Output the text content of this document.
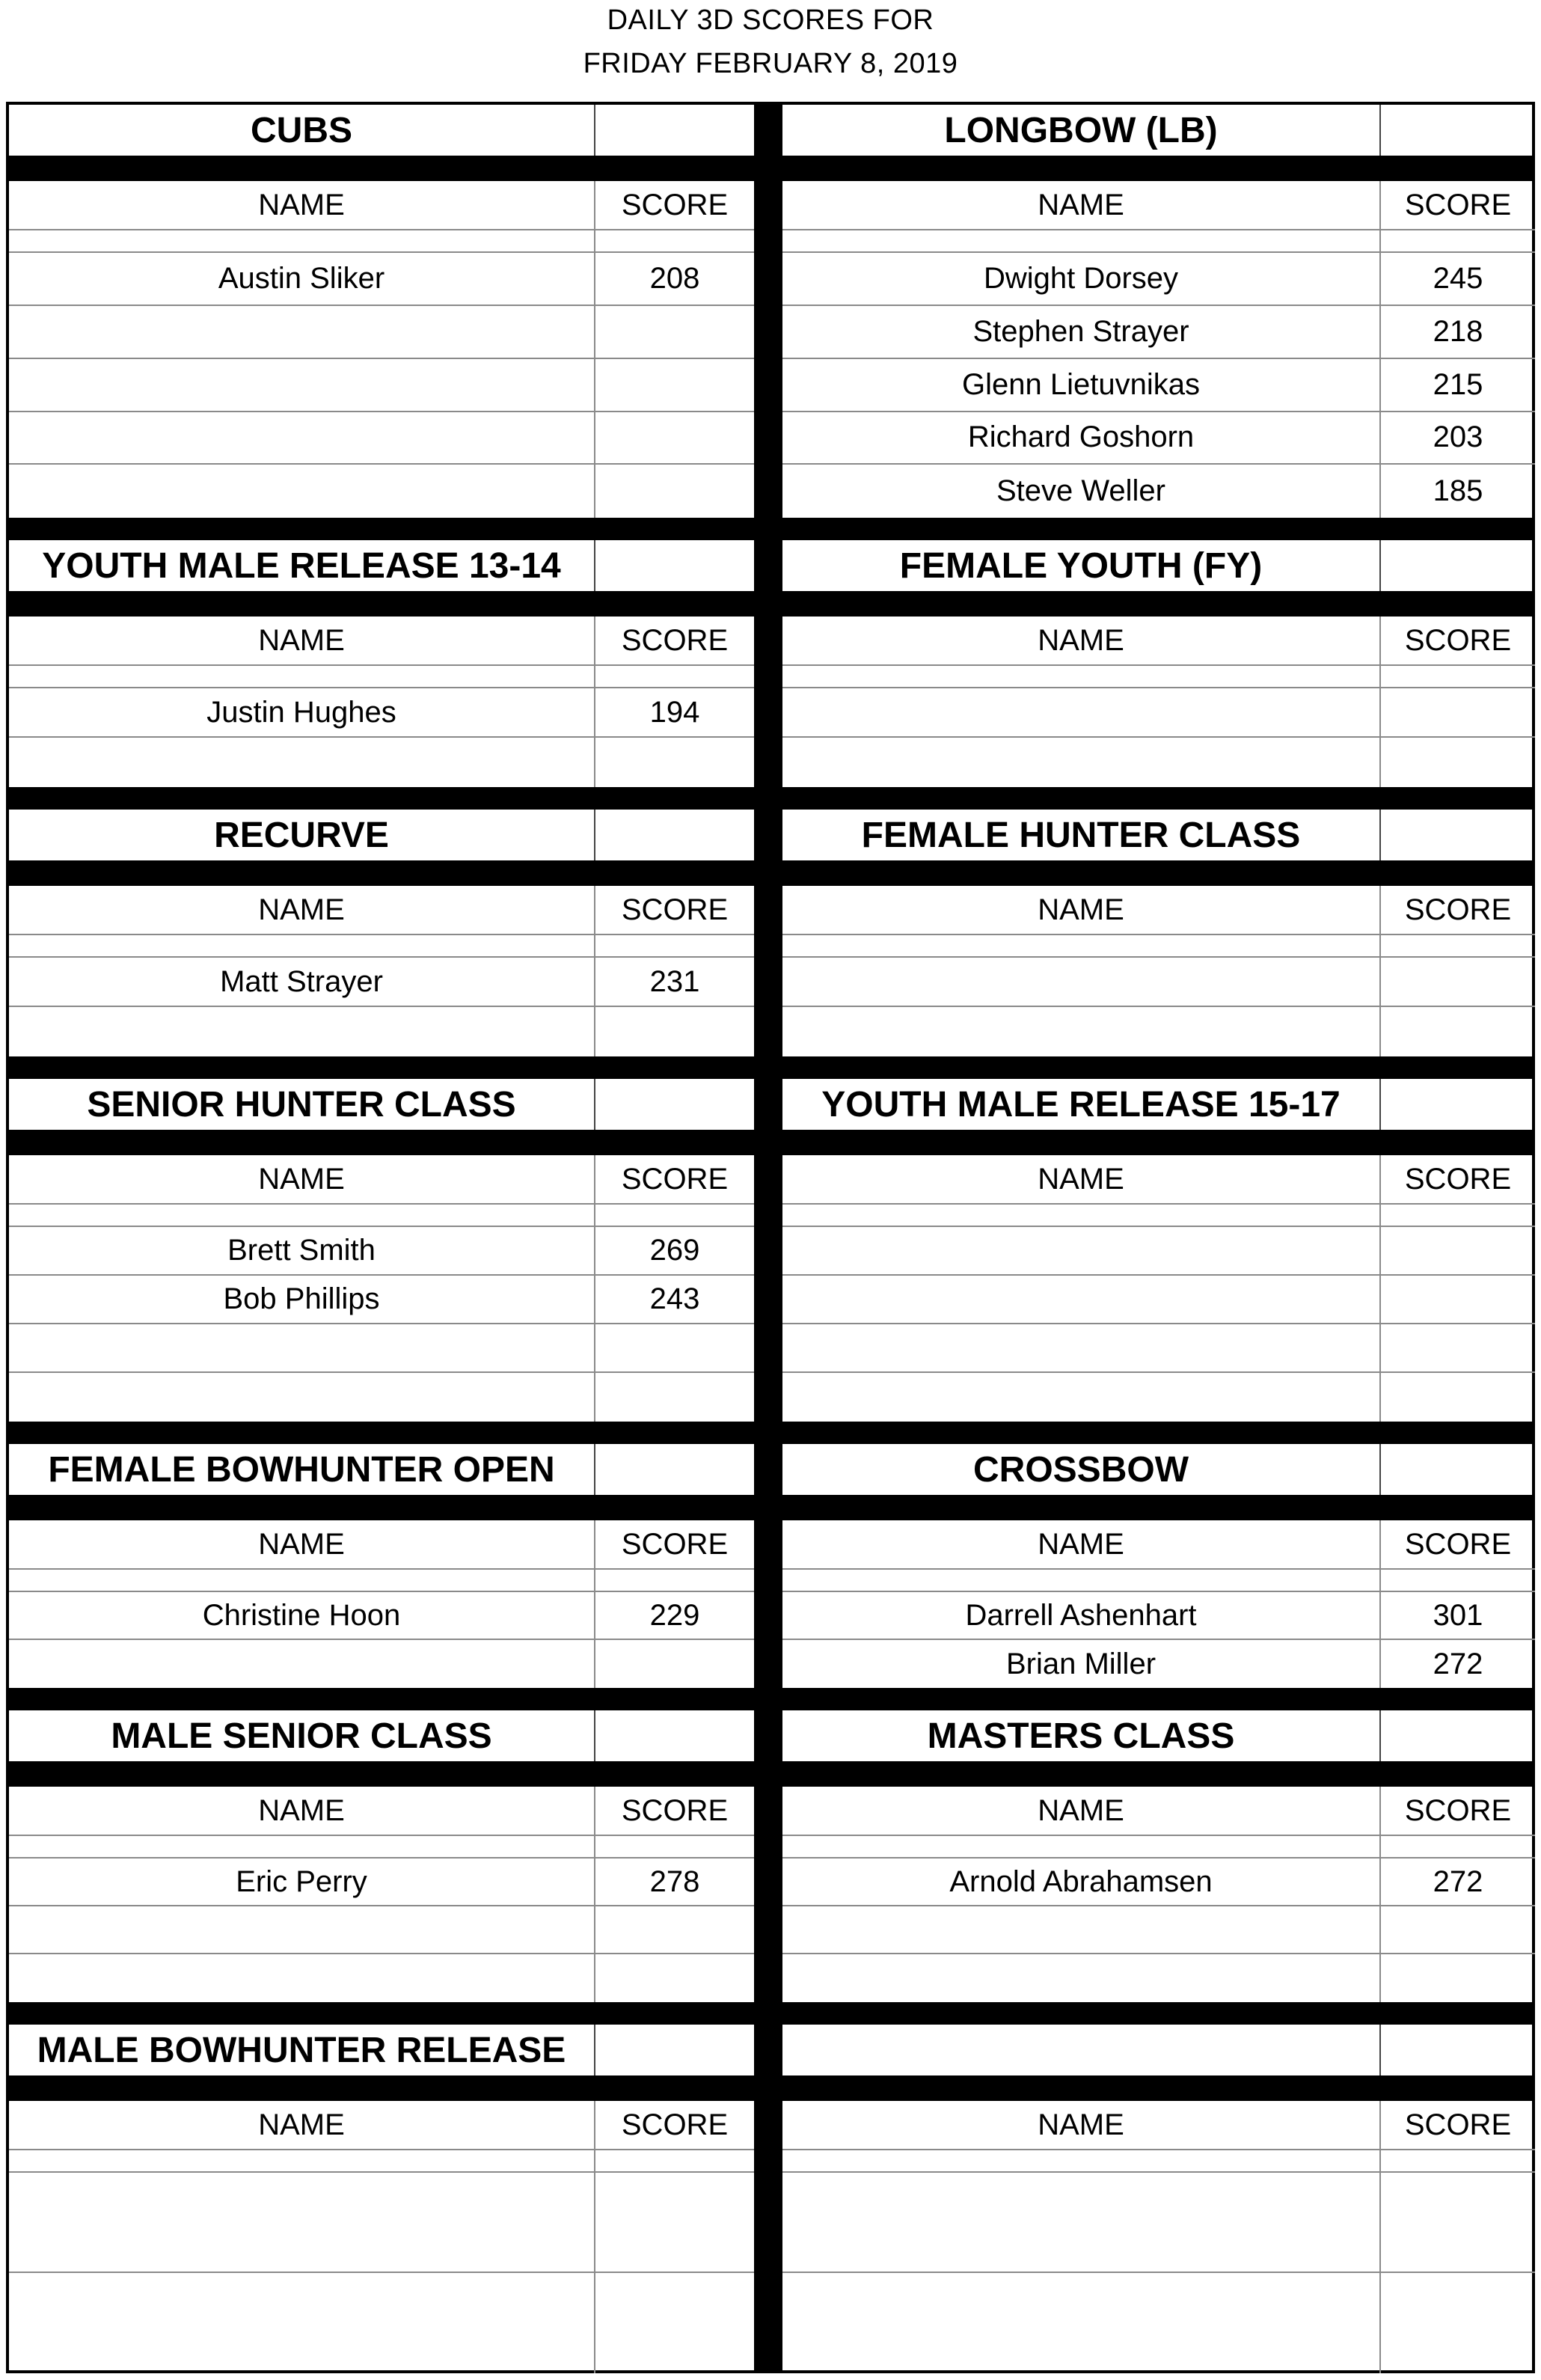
DAILY 3D SCORES FOR
FRIDAY FEBRUARY 8, 2019
CUBS
NAME	SCORE
Austin Sliker	208
YOUTH MALE RELEASE 13-14
NAME	SCORE
Justin Hughes	194
RECURVE
NAME	SCORE
Matt Strayer	231
SENIOR HUNTER CLASS
NAME	SCORE
Brett Smith	269
Bob Phillips	243
FEMALE BOWHUNTER OPEN
NAME	SCORE
Christine Hoon	229
MALE SENIOR CLASS
NAME	SCORE
Eric Perry	278
MALE BOWHUNTER RELEASE
NAME	SCORE
LONGBOW (LB)
NAME	SCORE
Dwight Dorsey	245
Stephen Strayer	218
Glenn Lietuvnikas	215
Richard Goshorn	203
Steve Weller	185
FEMALE YOUTH (FY)
NAME	SCORE
FEMALE HUNTER CLASS
NAME	SCORE
YOUTH MALE RELEASE 15-17
NAME	SCORE
CROSSBOW
NAME	SCORE
Darrell Ashenhart	301
Brian Miller	272
MASTERS CLASS
NAME	SCORE
Arnold Abrahamsen	272
NAME	SCORE
